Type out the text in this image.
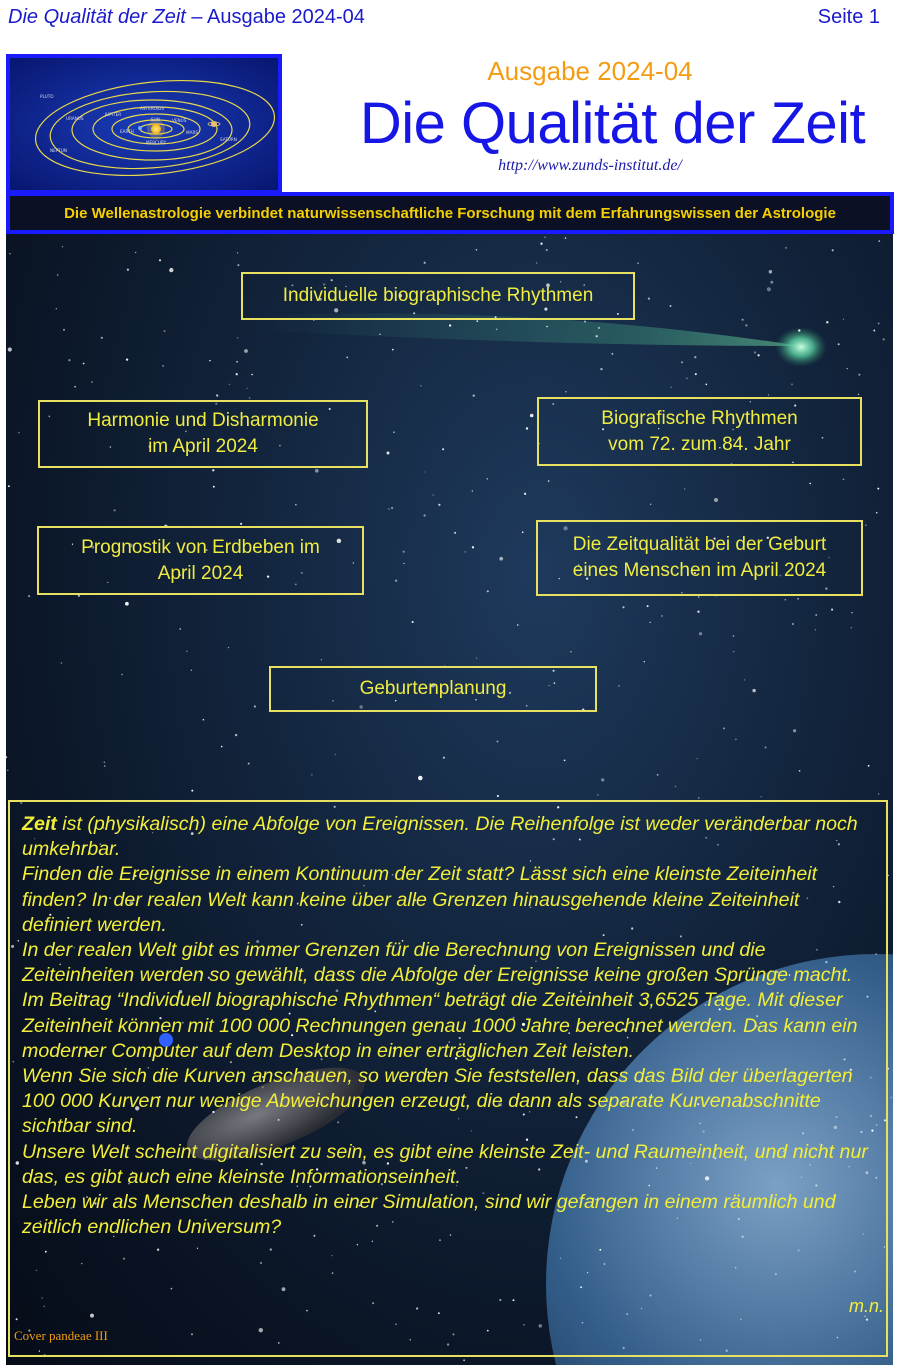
Die Qualität der Zeit – Ausgabe 2024-04	Seite 1
PLUTO
URANUS
JUPITER
ASTEROIDS
EARTH
SUN	VENUS
MARS
SATURN
NEPTUN
MERCURY
Ausgabe 2024-04
Die Qualität der Zeit
http://www.zunds-institut.de/
Die Wellenastrologie verbindet naturwissenschaftliche Forschung mit dem Erfahrungswissen der Astrologie
Individuelle biographische Rhythmen
Harmonie und Disharmonie
im April 2024
Biografische Rhythmen
vom 72. zum 84. Jahr
Prognostik von Erdbeben im
April 2024
Die Zeitqualität bei der Geburt
eines Menschen im April 2024
Geburtenplanung

Zeit ist (physikalisch) eine Abfolge von Ereignissen. Die Reihenfolge ist weder veränderbar noch umkehrbar.

Finden die Ereignisse in einem Kontinuum der Zeit statt? Lässt sich eine kleinste Zeiteinheit finden? In der realen Welt kann keine über alle Grenzen hinausgehende kleine Zeiteinheit definiert werden.

In der realen Welt gibt es immer Grenzen für die Berechnung von Ereignissen und die Zeiteinheiten werden so gewählt, dass die Abfolge der Ereignisse keine großen Sprünge macht.

Im Beitrag “Individuell biographische Rhythmen“ beträgt die Zeiteinheit 3,6525 Tage. Mit dieser Zeiteinheit können mit 100 000 Rechnungen genau 1000 Jahre berechnet werden. Das kann ein moderner Computer auf dem Desktop in einer erträglichen Zeit leisten.

Wenn Sie sich die Kurven anschauen, so werden Sie feststellen, dass das Bild der überlagerten 100 000 Kurven nur wenige Abweichungen erzeugt, die dann als separate Kurvenabschnitte sichtbar sind.

Unsere Welt scheint digitalisiert zu sein, es gibt eine kleinste Zeit- und Raumeinheit, und nicht nur das, es gibt auch eine kleinste Informationseinheit.

Leben wir als Menschen deshalb in einer Simulation, sind wir gefangen in einem räumlich und zeitlich endlichen Universum?

m.n.
Cover pandeae III
